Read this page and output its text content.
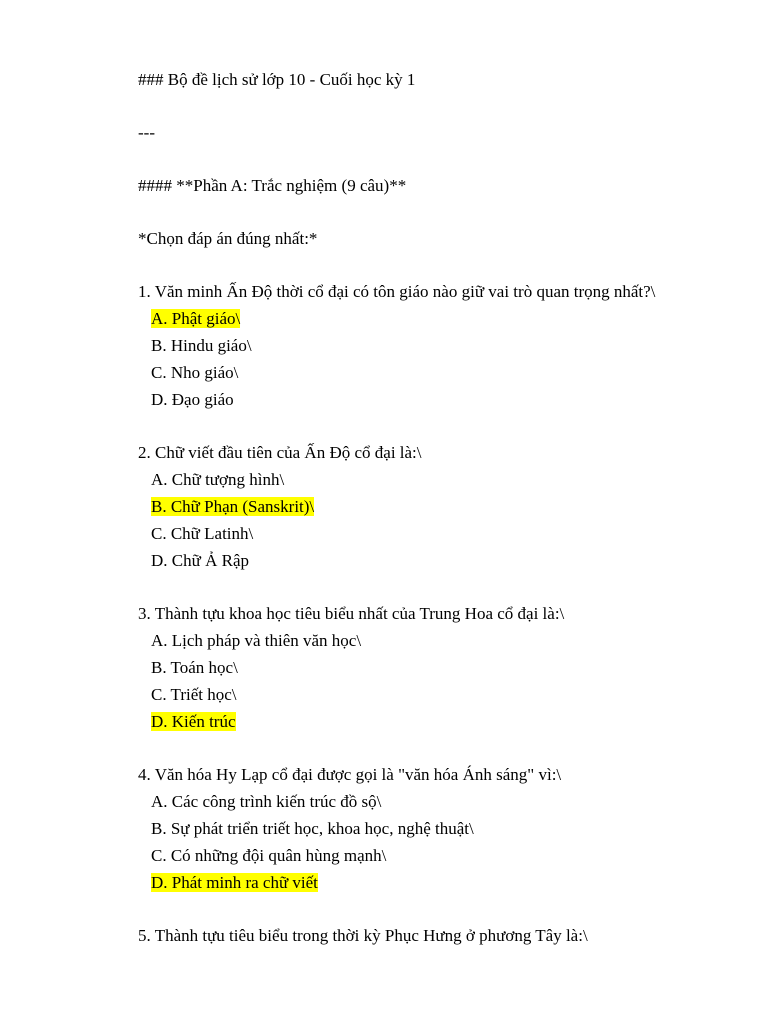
### Bộ đề lịch sử lớp 10 - Cuối học kỳ 1
---
#### **Phần A: Trắc nghiệm (9 câu)**
*Chọn đáp án đúng nhất:*
1. Văn minh Ấn Độ thời cổ đại có tôn giáo nào giữ vai trò quan trọng nhất?\
A. Phật giáo\
B. Hindu giáo\
C. Nho giáo\
D. Đạo giáo
2. Chữ viết đầu tiên của Ấn Độ cổ đại là:\
A. Chữ tượng hình\
B. Chữ Phạn (Sanskrit)\
C. Chữ Latinh\
D. Chữ Ả Rập
3. Thành tựu khoa học tiêu biểu nhất của Trung Hoa cổ đại là:\
A. Lịch pháp và thiên văn học\
B. Toán học\
C. Triết học\
D. Kiến trúc
4. Văn hóa Hy Lạp cổ đại được gọi là "văn hóa Ánh sáng" vì:\
A. Các công trình kiến trúc đồ sộ\
B. Sự phát triển triết học, khoa học, nghệ thuật\
C. Có những đội quân hùng mạnh\
D. Phát minh ra chữ viết
5. Thành tựu tiêu biểu trong thời kỳ Phục Hưng ở phương Tây là:\
